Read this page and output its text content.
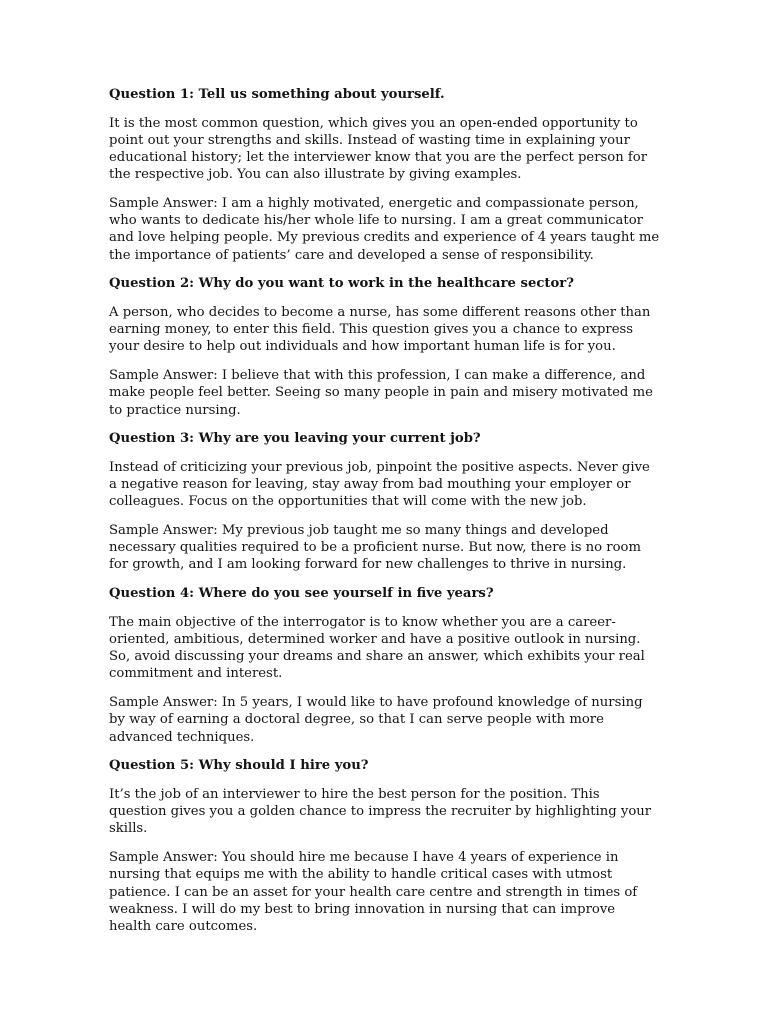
Question 1: Tell us something about yourself.

It is the most common question, which gives you an open-ended opportunity to point out your strengths and skills. Instead of wasting time in explaining your educational history; let the interviewer know that you are the perfect person for the respective job. You can also illustrate by giving examples.

Sample Answer: I am a highly motivated, energetic and compassionate person, who wants to dedicate his/her whole life to nursing. I am a great communicator and love helping people. My previous credits and experience of 4 years taught me the importance of patients’ care and developed a sense of responsibility.

Question 2: Why do you want to work in the healthcare sector?

A person, who decides to become a nurse, has some different reasons other than earning money, to enter this field. This question gives you a chance to express your desire to help out individuals and how important human life is for you.

Sample Answer: I believe that with this profession, I can make a difference, and make people feel better. Seeing so many people in pain and misery motivated me to practice nursing.

Question 3: Why are you leaving your current job?

Instead of criticizing your previous job, pinpoint the positive aspects. Never give a negative reason for leaving, stay away from bad mouthing your employer or colleagues. Focus on the opportunities that will come with the new job.

Sample Answer: My previous job taught me so many things and developed necessary qualities required to be a proficient nurse. But now, there is no room for growth, and I am looking forward for new challenges to thrive in nursing.

Question 4: Where do you see yourself in five years?

The main objective of the interrogator is to know whether you are a career-oriented, ambitious, determined worker and have a positive outlook in nursing. So, avoid discussing your dreams and share an answer, which exhibits your real commitment and interest.

Sample Answer: In 5 years, I would like to have profound knowledge of nursing by way of earning a doctoral degree, so that I can serve people with more advanced techniques.

Question 5: Why should I hire you?

It’s the job of an interviewer to hire the best person for the position. This question gives you a golden chance to impress the recruiter by highlighting your skills.

Sample Answer: You should hire me because I have 4 years of experience in nursing that equips me with the ability to handle critical cases with utmost patience. I can be an asset for your health care centre and strength in times of weakness. I will do my best to bring innovation in nursing that can improve health care outcomes.
